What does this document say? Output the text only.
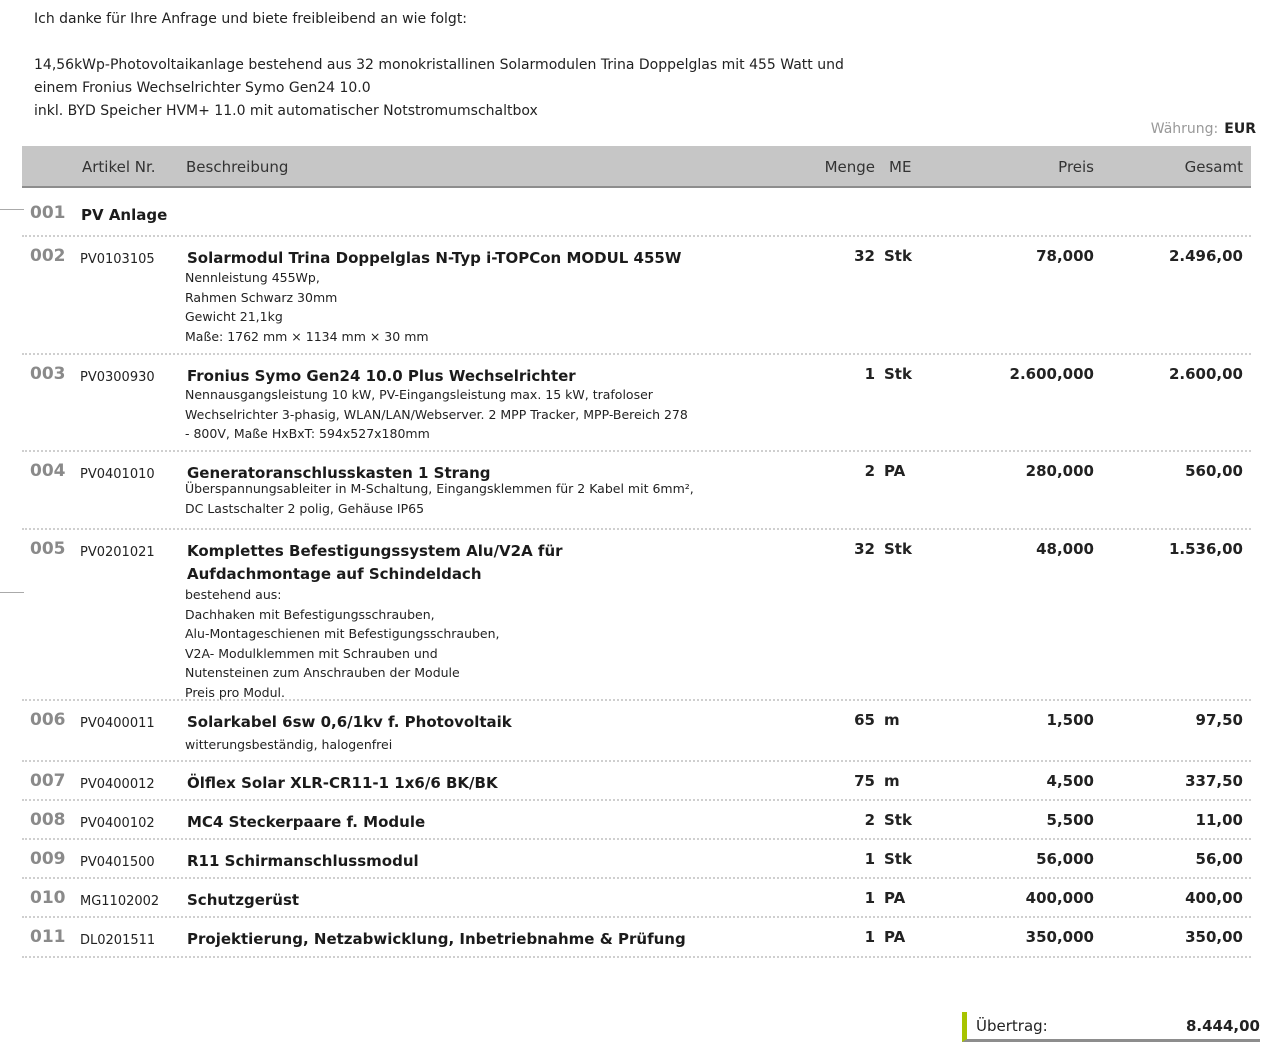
Ich danke für Ihre Anfrage und biete freibleibend an wie folgt:

14,56kWp-Photovoltaikanlage bestehend aus 32 monokristallinen Solarmodulen Trina Doppelglas mit 455 Watt und

einem Fronius Wechselrichter Symo Gen24 10.0

inkl. BYD Speicher HVM+ 11.0 mit automatischer Notstromumschaltbox

Währung: EUR
Artikel Nr. Beschreibung	Menge ME	Preis	Gesamt
001 PV Anlage
002 PV0103105 Solarmodul Trina Doppelglas N-Typ i-TOPCon MODUL 455W	32 Stk	78,000	2.496,00
Nennleistung 455Wp,
Rahmen Schwarz 30mm
Gewicht 21,1kg
Maße: 1762 mm × 1134 mm × 30 mm
003 PV0300930 Fronius Symo Gen24 10.0 Plus Wechselrichter	1 Stk	2.600,000	2.600,00
Nennausgangsleistung 10 kW, PV-Eingangsleistung max. 15 kW, trafoloser
Wechselrichter 3-phasig, WLAN/LAN/Webserver. 2 MPP Tracker, MPP-Bereich 278
- 800V, Maße HxBxT: 594x527x180mm
004 PV0401010 Generatoranschlusskasten 1 Strang	2 PA	280,000	560,00
Überspannungsableiter in M-Schaltung, Eingangsklemmen für 2 Kabel mit 6mm²,
DC Lastschalter 2 polig, Gehäuse IP65
005 PV0201021 Komplettes Befestigungssystem Alu/V2A für Aufdachmontage auf Schindeldach
32 Stk	48,000	1.536,00
bestehend aus:
Dachhaken mit Befestigungsschrauben,
Alu-Montageschienen mit Befestigungsschrauben,
V2A- Modulklemmen mit Schrauben und
Nutensteinen zum Anschrauben der Module
Preis pro Modul.
006 PV0400011 Solarkabel 6sw 0,6/1kv f. Photovoltaik	65 m	1,500	97,50
witterungsbeständig, halogenfrei
007 PV0400012 Ölflex Solar XLR-CR11-1 1x6/6 BK/BK	75 m	4,500	337,50
008 PV0400102 MC4 Steckerpaare f. Module	2 Stk	5,500	11,00
009 PV0401500 R11 Schirmanschlussmodul	1 Stk	56,000	56,00
010 MG1102002 Schutzgerüst	1 PA	400,000	400,00
011 DL0201511 Projektierung, Netzabwicklung, Inbetriebnahme & Prüfung	1 PA	350,000	350,00
Übertrag:	8.444,00
